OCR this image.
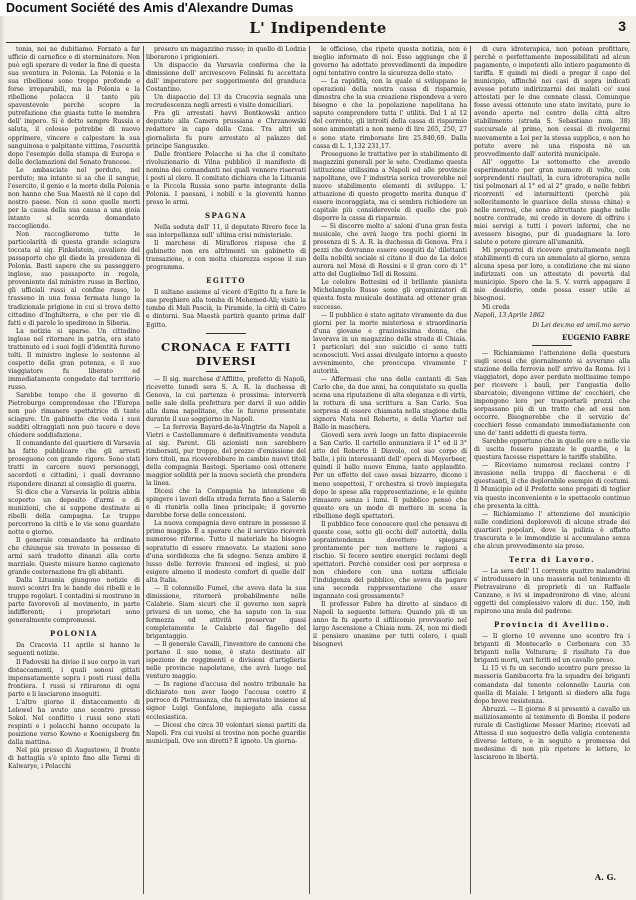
Document Société des Amis d'Alexandre Dumas
L' Indipendente	3

tonia, noi ne dubitiamo. Forzato a far ufficio di carnefice e di sterminatore. Non può egli sperare di veder la fine di questa sua sventura in Polonia. La Polonia e la sua ribellione sono troppo profonde e forse irreparabili, ma la Polonia e la ribellione polacca il tanto più spaventevole perchè scopre la putrefazione che guasta tutte le membra dell' impero. Si è detto sempre Russia e saluta, il colosso potrebbe di nuovo opprimere, vincere e calpestare la sua sanguinosa e palpitante vittima, l'oscurità dopo l'esempio della stampa di Europa e delle declamazioni del Senato francese.

Le ambasciate nel perduto, nel perduto; ma intanto si sa che il sangue, l'esercito, il genio e la morte della Polonia non hanno che Sua Maestà nè il capo del nostro paese. Non ci sono quelle morti per la causa della sua causa a una gioia intanto si scorda domandato raccogliendo.

Non raccoglieremo tutte le particolarità di questa grande sciagura toccata al sig. Finkelstein, cavaliere del passaporto che gli diede la presidenza di Polonia. Basti sapere che su passeggero inglese, suo passaporto in regola, proveniente dal ministro russo in Berlino, gli ufficiali russi al confine russo, lo trasseno in una fossa fermata lungo la tradizionale prigione in cui si trova detto cittadino d'Inghilterra, e che per vie di fatti e di parole lo spedirono in Siberia.

La notizia si sparse. Un cittadino inglese nel ritornare in patria, era stato trattenuto ed i suoi fogli d'identità furono tolti. Il ministro inglese lo sostenne al cospetto della gran potenza, e il suo viaggiatore fu liberato ed immediatamente congedato dal territorio russo.

Sarebbe tempo che il governo di Pietroburgo comprendesse che l'Europa non può rimanere spettatrice di tante sciagure. Un gabinetto che veda i suoi sudditi oltraggiati non può tacere e deve chiedere soddisfazione.

Il comandante del quartiere di Varsavia ha fatto pubblicare che gli arresti proseguono con grande rigore. Sono stati tratti in carcere nuovi personaggi, sacerdoti e cittadini, i quali dovranno rispondere dinanzi al consiglio di guerra.

Si dice che a Varsavia la polizia abbia scoperto un deposito d'armi e di munizioni, che si suppone destinate ai ribelli della campagna. Le truppe percorrono la città e le vie sono guardate notte e giorno.

Il generale comandante ha ordinato che chiunque sia trovato in possesso di armi sarà tradotto dinanzi alla corte marziale. Queste misure hanno cagionato grande costernazione fra gli abitanti.

Dalla Lituania giungono notizie di nuovi scontri fra le bande dei ribelli e le truppe regolari. I contadini si mostrano in parte favorevoli al movimento, in parte indifferenti; i proprietari sono generalmente compromessi.

POLONIA

Da Cracovia 11 aprile si hanno le seguenti notizie.

Il Padovski ha diviso il suo corpo in vari distaccamenti, i quali sonosi gittati impensatamente sopra i posti russi della frontiera. I russi si ritirarono di ogni parte e li lasciarono inseguiti.

L'altro giorno il distaccamento di Lelewel ha avuto uno scontro presso Sokol. Nel conflitto i russi sono stati respinti e i polacchi hanno occupato la posizione verso Kowno e Koenigsberg fin dalla mattina.

Nel più presso di Augustowo, il fronte di battaglia s'è spinto fino alle Termi di Kalwarye, i Polacchi

presero un magazzino russo; in quello di Lodzia liberarono i prigionieri.

Un dispaccio da Varsavia conferma che la dimissione dell' arcivescovo Felinski fu accettata dall' imperatore per suggerimento del granduca Costantino.

Un dispaccio del 13 da Cracovia segnala una recrudescenza negli arresti e visite domiciliari.

Fra gli arrestati havvi Bentkowski antico deputato alla Camera prussiana e Chrzanowski redattore in capo della Czas. Tra altri un giornalista fu pure arrestato al palazzo del principe Sanguszko.

Dalle frontiere Polacche si ha che il comitato rivoluzionario di Vilna pubblicò il manifesto di nomina dei comandanti nei quali vennero riservati i posti al clero. Il comitato dichiara che la Lituania e la Piccola Russia sono parte integrante della Polonia. I paesani, i nobili e la gioventù hanno preso le armi.

SPAGNA

Nella seduta dell' 11, il deputato Rivero fece la sua interpellanza sull' ultima crisi ministeriale.

Il marchese di Miraflores rispose che il gabinetto non era altrimenti un gabinetto di transazione, e con molta chiarezza espose il suo programma.

EGITTO

Il sultano assieme al viceré d'Egitto fu a fare le sue preghiere alla tomba di Mehemed-Ali; visitò la tomba di Mali Pascià, la Piramide, la città di Cairo e dintorni. Sua Maestà partirà quanto prima dall' Egitto.

CRONACA E FATTI DIVERSI

— Il sig. marchese d'Afflitto, prefetto di Napoli, ricevette lunedì sera S. A. R. la duchessa di Genova, la cui partenza è prossima: interverrà nelle sale della prefettura per darvi il suo addio alla dama napolitane, che le furono presentate durante il suo soggiorno in Napoli.

— La ferrovia Bayard-de-la-Vingtrie da Napoli a Vietri e Castellammare è definitivamente venduta al sig. Parent. Gli azionisti non sarebbero rimborsati, pur troppo, del prezzo d'emissione del loro titoli, ma riceverebbero in cambio nuovi titoli della compagnia Bastogi. Speriamo così ottenere maggior solidità per la nuova società che prendera la linea.

Dicesi che la Compagnia ha intenzione di spingere i lavori della strada ferrata fino a Salerno e di riunirla colla linea principale; il governo darebbe forse delle concessioni.

La nuova compagnia deve entrare in possesso il primo maggio. È a sperare che il servizio riceverà numerose riforme. Tutto il materiale ha bisogno sopratutto di essere rinnovato. Le stazioni sono d'una sordidezza che fa sdegno. Senza ambire il lusso delle ferrovie francesi ed inglesi, si può esigere almeno il modesto comfort di quelle dell' alta Italia.

— Il colonnello Fumel, che aveva data la sua dimissione, ritornerà probabilmente nelle Calabrie. Siam sicuri che il governo non saprà privarsi di un uomo, che ha saputo con la sua fermezza ed attività preservar quasi completamente le Calabrie dal flagello del brigantaggio.

— Il generale Cavalli, l'inventore de cannoni che portano il suo nome, è stato destinato all' ispezione de reggimenti e divisioni d'artiglieria nelle provincie napoletane, che avrà luogo nel venturo maggio.

— In ragione d'accusa del nostro tribunale ha dichiarato non aver luogo l'accusa contro il parroco di Pietrasanza, che fu arrestato insieme al signor Luigi Gonfalone, impiegato alla cassa ecclesiastica.

— Dicesi che circa 30 volontari siensi partiti da Napoli. Fra cui vuolsi si trovino non poche guardie municipali. Ove son diretti? È ignoto. Un giorna-

le officioso, che ripete questa notizia, non è meglio informato di noi. Esso aggiunge che il governo ha adottato provvedimenti da impedire ogni tentativo contro la sicurezza dello stato.

— La rapidità, con la quale si sviluppano le operazioni della nostra cassa di risparmio, dimostra che la sua creazione rispondeva a vero bisogno e che la popolazione napolitana ha saputo comprendere tutta l' utilità. Dal 1 al 12 del corrente, gli introiti della cassa di risparmio sono ammontati a non meno di lire 265, 250, 27 e sono state rimborsate lire 25.840,69. Dalla cassa di L. 1,132 231,17.

Proseguono le trattative per lo stabilimento di magazzini generali per le sete. Crediamo questa istituzione utilissima a Napoli ed alle provincie napolitane, ove l' industria serica troverebbe nel nuovo stabilimento elementi di sviluppo. L' attuazione di questo progetto merita dunque d' essere incoraggiata, ma ci sembra richiedere un capitale più considerevole di quello che può disporre la cassa di risparmio.

— Si discorre molto a' saloni d'una gran festa musicale, che avrà luogo tra pochi giorni in presenza di S. A. R. la duchessa di Genova. Fra i pezzi che dovranno essere eseguiti da' dilettanti della nobiltà sociale si citano il duo de La dolce aurora nel Mosè di Rossini e il gran coro di 1° atto del Guglielmo Tell di Rossini.

Le celebre Bottesini ed il brillante pianista Michelangelo Russo sono gli organizzatori di questa festa musicale destinata ad ottener gran successo.

— Il pubblico è stato agitato vivamente da due giorni per la morte misteriosa e straordinaria d'una giovane e graziosissima donna, che lavorava in un magazzino della strada di Chiaia. I particolari del suo suicidio ci sono tutti sconosciuti. Voci assai divulgate intorno a questo avvenimento, che preoccupa vivamente l' autorità.

— Affermasi che una delle cantanti di San Carlo che, da due anni, ha conquistato su quella scena una riputazione di alta eleganza e di virtù, la rottura di una scrittura a San Carlo. Sua sorpresa di essere chiamata nella stagione della signora Nata nel Roberto, e della Viarter nel Ballo in maschera.

Giovedì sera avrà luogo un fatto dispiacevole a San Carlo. Il cartello annunziava il 1° ed il 3° atto del Roberto il Diavolo, col suo corpo di ballo, i più interessanti dell' opera di Meyerbeer, quindi il ballo nuovo Emma, tanto applaudito. Per un effetto del caso assai bizzarro, dicono i meno sospettosi, l' orchestra si trovò impiegata dopo le spese alla rappresentazione, e le quinte rimasero senza i lumi. Il pubblico pensò che questo era un modo di mettere in scena la ribellione degli spettatori.

Il pubblico fece conoscere quel che pensava di queste cose, sotto gli occhi dell' autorità, della sopraintendenza dovettero spiegarsi prontamente per non mettere le ragioni a rischio. Si fecero sentire energici reclami degli spettatori. Perchè consider così per sorpresa e non chiedere con una notizia ufficiale l'indulgenza del pubblico, che aveva da pagare una seconda rappresentazione che esser ingannato così grossamente?

Il professor Fabre ha diretto al sindaco di Napoli la seguente lettera: Quando più di un anno fa fu aperto il sifilicomio provvisorio nel largo Ascensione a Chiaia num. 24, non mi diedi il pensiero unanime per tutti coloro, i quali bisognevi

di cura idroterapica, non potean profittare, perchè o perfettamente impossibilitati ad alcun pagamento, o impotenti allo intiero pagamento di tariffa. E quindi mi diedi a pregar il capo del municipio, affinchè nei casi di sopra indicati avesse potuto indirizzarmi dei malati co' suoi attestati per le due cennate classi. Comunque fosse avessi ottenuto uno stato invitato, pure io avendo aperto nel centro della città altro stabilimento (strada S. Sebastiano num. 38) succursale al primo, non cessai di rivolgermi nuovamente a Lei per la stessa supplica, e non ho potuto avere nè una risposta nè un provvedimento dall' autorità municipale.

All' oggetto Le sottometto che avendo esperimentato per gran numero di volte, con sorprendenti risultati, la cura idroterapica nelle tisi polmonari al 1° ed al 2° grado, e nelle febbri ricorrenti ed intermittenti (perchè più sollecitamente le guarisce della stessa china) e nelle nevrosi, che sono altrettante piaghe nelle nostre contrade, mi credo in dovere di offrire i miei servigi a tutti i poveri infermi, che ne avessero bisogno, pur di guadagnare la loro salute e potere giovare all'umanità.

Mi proporrei di ricevere gratuitamente negli stabilimenti di cura un ammalato al giorno, senza alcuna spesa per loro, a condizione che mi siano indirizzati con un attestato di povertà dal municipio. Spero che la S. V. vorrà appagare il mio desiderio, onde possa esser utile ai bisognosi.

Mi creda

Napoli, 13 Aprile 1862

Di Lei dev.mo ed umil.mo servo
EUGENIO FABRE

— Richiamiamo l'attenzione della questura sugli scossi che giornalmente si avverano alla stazione della ferrovia nell' arrivo da Roma. Ivi i viaggiatori, dopo aver perduto moltissimo tempo per ricevere i bauli, per l'angustia dello sbarcatoio, divengono vittime de' cocchieri, che impongono loro per trasportarli prezzi che sorpassano più di un tratto che ad essi non occorre. Bisognerebbe che il servizio de' cocchieri fosse comandato immediatamente con uno de' tanti addetti di questa terra.

Sarebbe opportuno che in quelle ore e nelle vie di uscita fossero piazzate le guardie, e la questura facesse rispettare le tariffe stabilite.

— Ricoviamo numerosi reclami contro l' invasione nella truppa di fiaccherai e di questuanti, il che deplorabile esempio di costumi. Il Municipio ed il Prefetto sono pregati di toglier via questo inconveniente e lo spettacolo continuo che presenta la città.

— Richiamiamo l' attenzione del municipio sulle condizioni deplorevoli di alcune strade dei quartieri popolari, dove la pulizia è affatto trascurata e le immondizie si accumulano senza che alcun provvedimento sia preso.

Terra di Lavoro.

— La sera dell' 11 corrente quattro malandrini s' introdussero in una masseria nel tenimento di Pietravairano di proprietà di un Raffaele Canzano, e ivi si impadronirono di vino, alcuni oggetti del complessivo valore di duc. 150, indi rapirono una mula del padrone.

Provincia di Avellino.

— Il giorno 10 avvenne uno scontro fra i briganti di Montecarlo e Cerbonara con 35 briganti nella Volturara; il risultato l'a due briganti morti, vari feriti ed un cavallo preso.

Li 15 vi fu un secondo scontro pure presso la masseria Gambacorta fra la squadra dei briganti comandata dal tenente colonnello Lauria con quella di Maiale. I briganti si diedero alla fuga dopo breve resistenza.

Abruzzi. — Il giorno 8 si presentò a cavallo un maliziosamente al tenimento di Bomba il podere rurale di Castiglione Messer Marino; ricevuti ad Attessa il suo sequestro della valigia contenente diverse lettere, e in seguito a promessa del medesimo di non più ripetere le lettere, lo lasciarono in libertà.

A. G.
